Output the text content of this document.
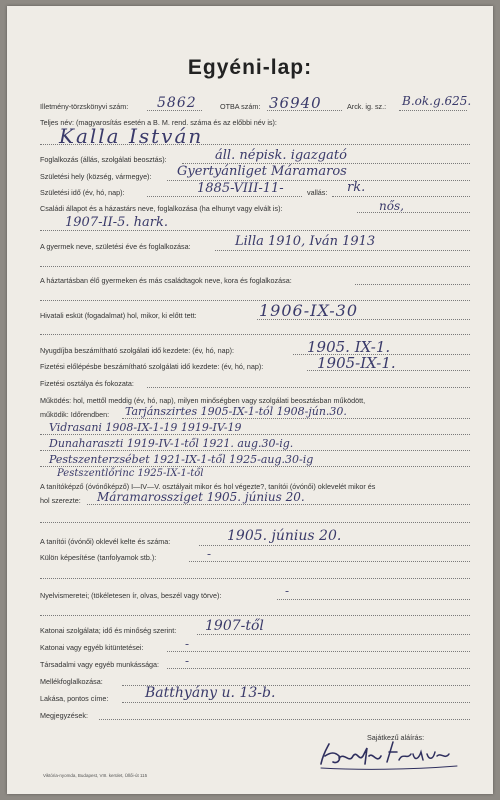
Egyéni-lap:
Illetmény-törzskönyvi szám: 5862	OTBA szám: 36940	Arck. ig. sz.: B.ok.g.625.
Teljes név: (magyarosítás esetén a B. M. rend. száma és az előbbi név is):
Kalla István
Foglalkozás (állás, szolgálati beosztás):	áll. népisk. igazgató
Születési hely (község, vármegye): Gyertyánliget Máramaros
Születési idő (év, hó, nap):	1885-VIII-11-	vallás: rk.
Családi állapot és a házastárs neve, foglalkozása (ha elhunyt vagy elvált is):	nős,
1907-II-5. hark.
A gyermek neve, születési éve és foglalkozása:	Lilla 1910, Iván 1913
A háztartásban élő gyermeken és más családtagok neve, kora és foglalkozása:
Hivatali esküt (fogadalmat) hol, mikor, ki előtt tett:	1906-IX-30
Nyugdíjba beszámítható szolgálati idő kezdete: (év, hó, nap):	1905. IX-1.
Fizetési előlépésbe beszámítható szolgálati idő kezdete: (év, hó, nap):	1905-IX-1.
Fizetési osztálya és fokozata:
Működés: hol, mettől meddig (év, hó, nap), milyen minőségben vagy szolgálati beosztásban működött,
működik: Időrendben: Tarjánszirtes 1905-IX-1-tól 1908-jún.30.
Vidrasani 1908-IX-1-19 1919-IV-19
Dunaharaszti 1919-IV-1-től 1921. aug.30-ig.
Pestszenterzsébet 1921-IX-1-től 1925-aug.30-ig
Pestszentlőrinc 1925-IX-1-től
A tanítóképző (óvónőképző) I—IV—V. osztályait mikor és hol végezte?, tanítói (óvónői) oklevelét mikor és
hol szerezte: Máramarossziget 1905. június 20.
A tanítói (óvónői) oklevél kelte és száma:	1905. június 20.
Külön képesítése (tanfolyamok stb.):	-
Nyelvismeretei; (tökéletesen ír, olvas, beszél vagy törve):	-
Katonai szolgálata; idő és minőség szerint: 1907-től
Katonai vagy egyéb kitüntetései:	-
Társadalmi vagy egyéb munkássága: -
Mellékfoglalkozása:
Lakása, pontos címe:	Batthyány u. 13-b.
Megjegyzések:
Sajátkezű aláírás:
Viktória-nyomda, Budapest, VIII. kerület, Üllői-út 115
